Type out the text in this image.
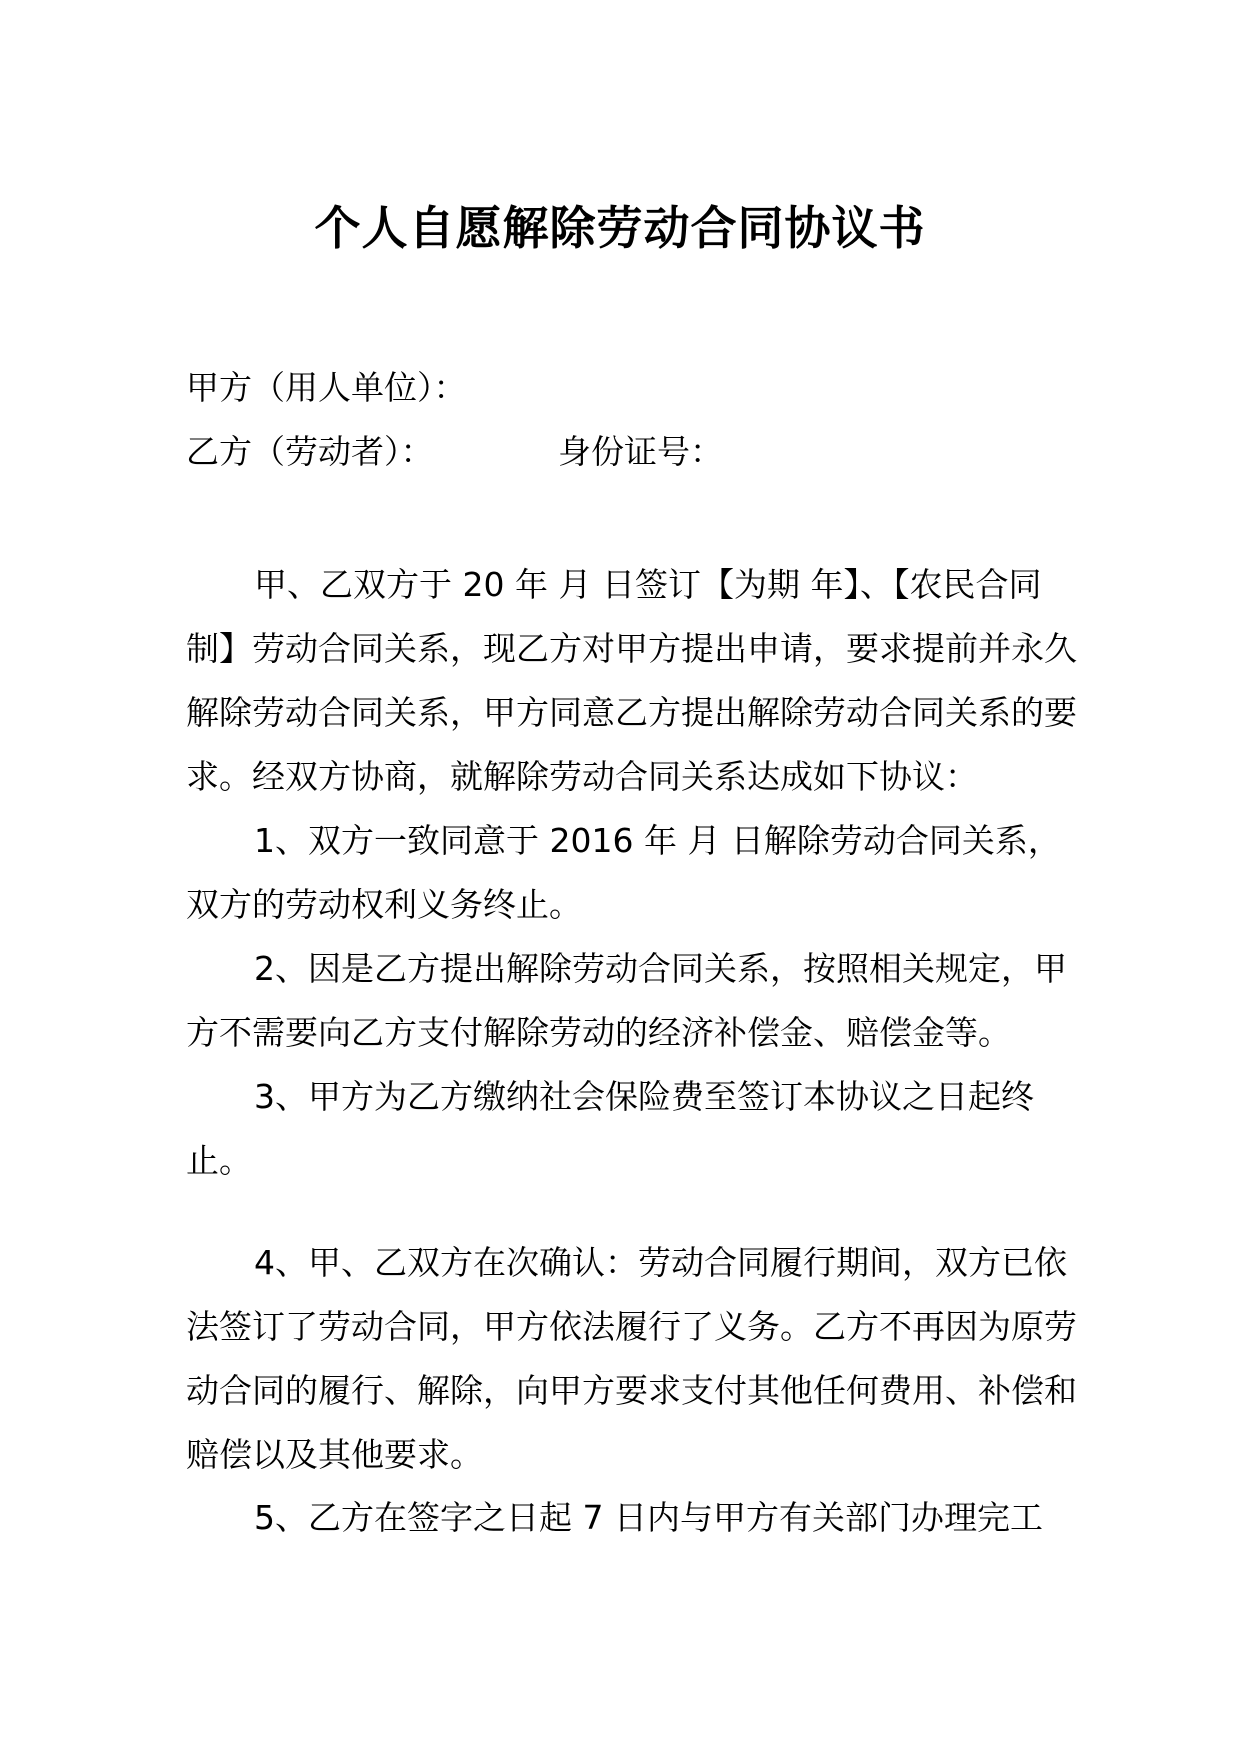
个人自愿解除劳动合同协议书
甲方（用人单位）：
乙方（劳动者）：	身份证号：

甲、乙双方于 20 年 月 日签订【为期 年】、【农民合同制】劳动合同关系，现乙方对甲方提出申请，要求提前并永久解除劳动合同关系，甲方同意乙方提出解除劳动合同关系的要求。经双方协商，就解除劳动合同关系达成如下协议：

1、双方一致同意于 2016 年 月 日解除劳动合同关系，双方的劳动权利义务终止。

2、因是乙方提出解除劳动合同关系，按照相关规定，甲方不需要向乙方支付解除劳动的经济补偿金、赔偿金等。

3、甲方为乙方缴纳社会保险费至签订本协议之日起终止。

4、甲、乙双方在次确认：劳动合同履行期间，双方已依法签订了劳动合同，甲方依法履行了义务。乙方不再因为原劳动合同的履行、解除，向甲方要求支付其他任何费用、补偿和赔偿以及其他要求。

5、乙方在签字之日起 7 日内与甲方有关部门办理完工
